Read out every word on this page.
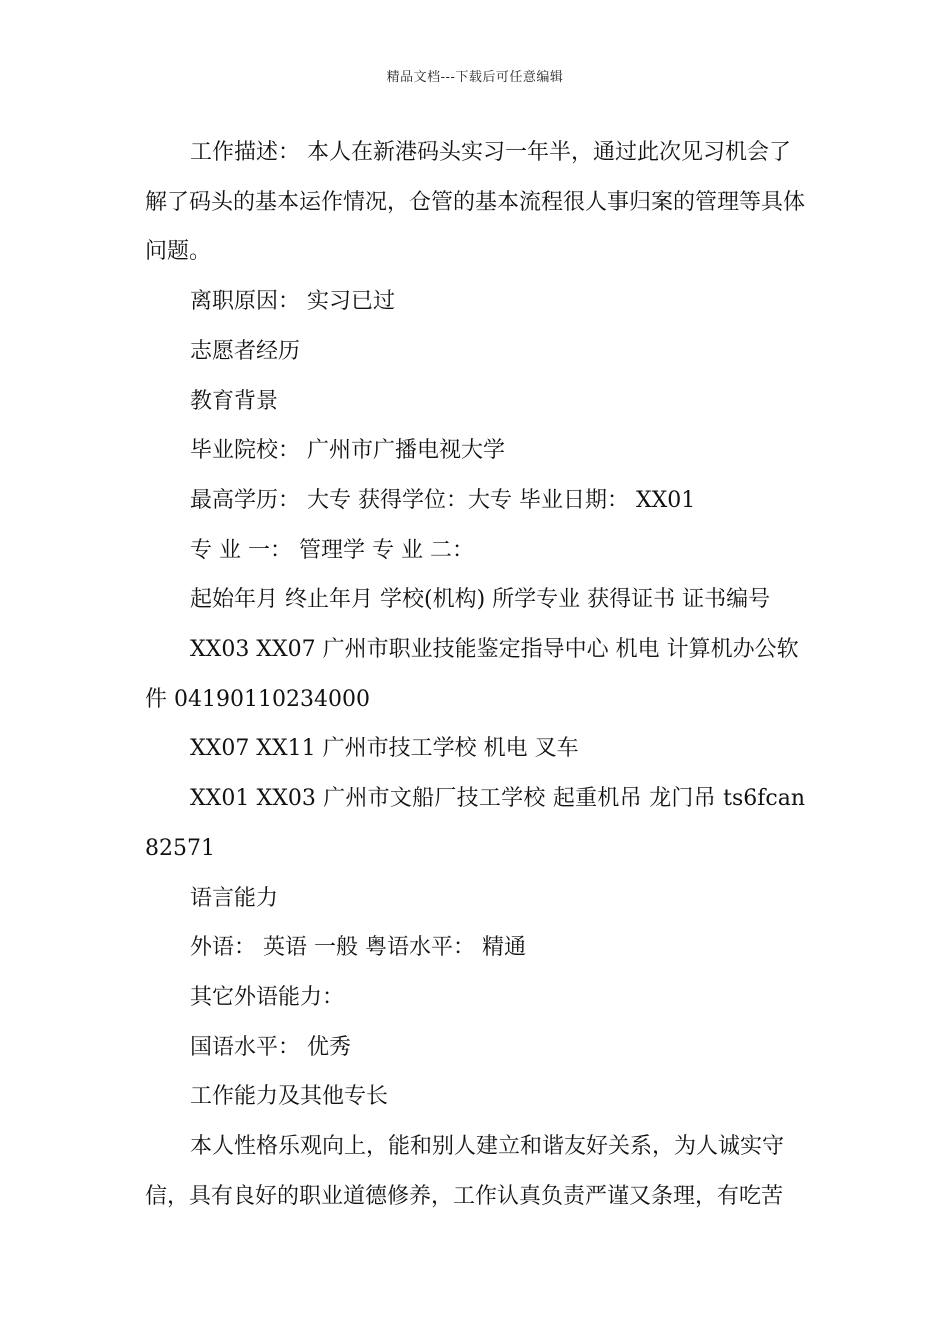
精品文档---下载后可任意编辑

工作描述： 本人在新港码头实习一年半，通过此次见习机会了解了码头的基本运作情况，仓管的基本流程很人事归案的管理等具体问题。

离职原因： 实习已过

志愿者经历

教育背景

毕业院校： 广州市广播电视大学

最高学历： 大专 获得学位：大专 毕业日期： XX01

专 业 一： 管理学 专 业 二：

起始年月 终止年月 学校(机构) 所学专业 获得证书 证书编号

XX03 XX07 广州市职业技能鉴定指导中心 机电 计算机办公软件 04190110234000

XX07 XX11 广州市技工学校 机电 叉车

XX01 XX03 广州市文船厂技工学校 起重机吊 龙门吊 ts6fcan82571

语言能力

外语： 英语 一般 粤语水平： 精通

其它外语能力：

国语水平： 优秀

工作能力及其他专长

本人性格乐观向上，能和别人建立和谐友好关系，为人诚实守信，具有良好的职业道德修养，工作认真负责严谨又条理，有吃苦
